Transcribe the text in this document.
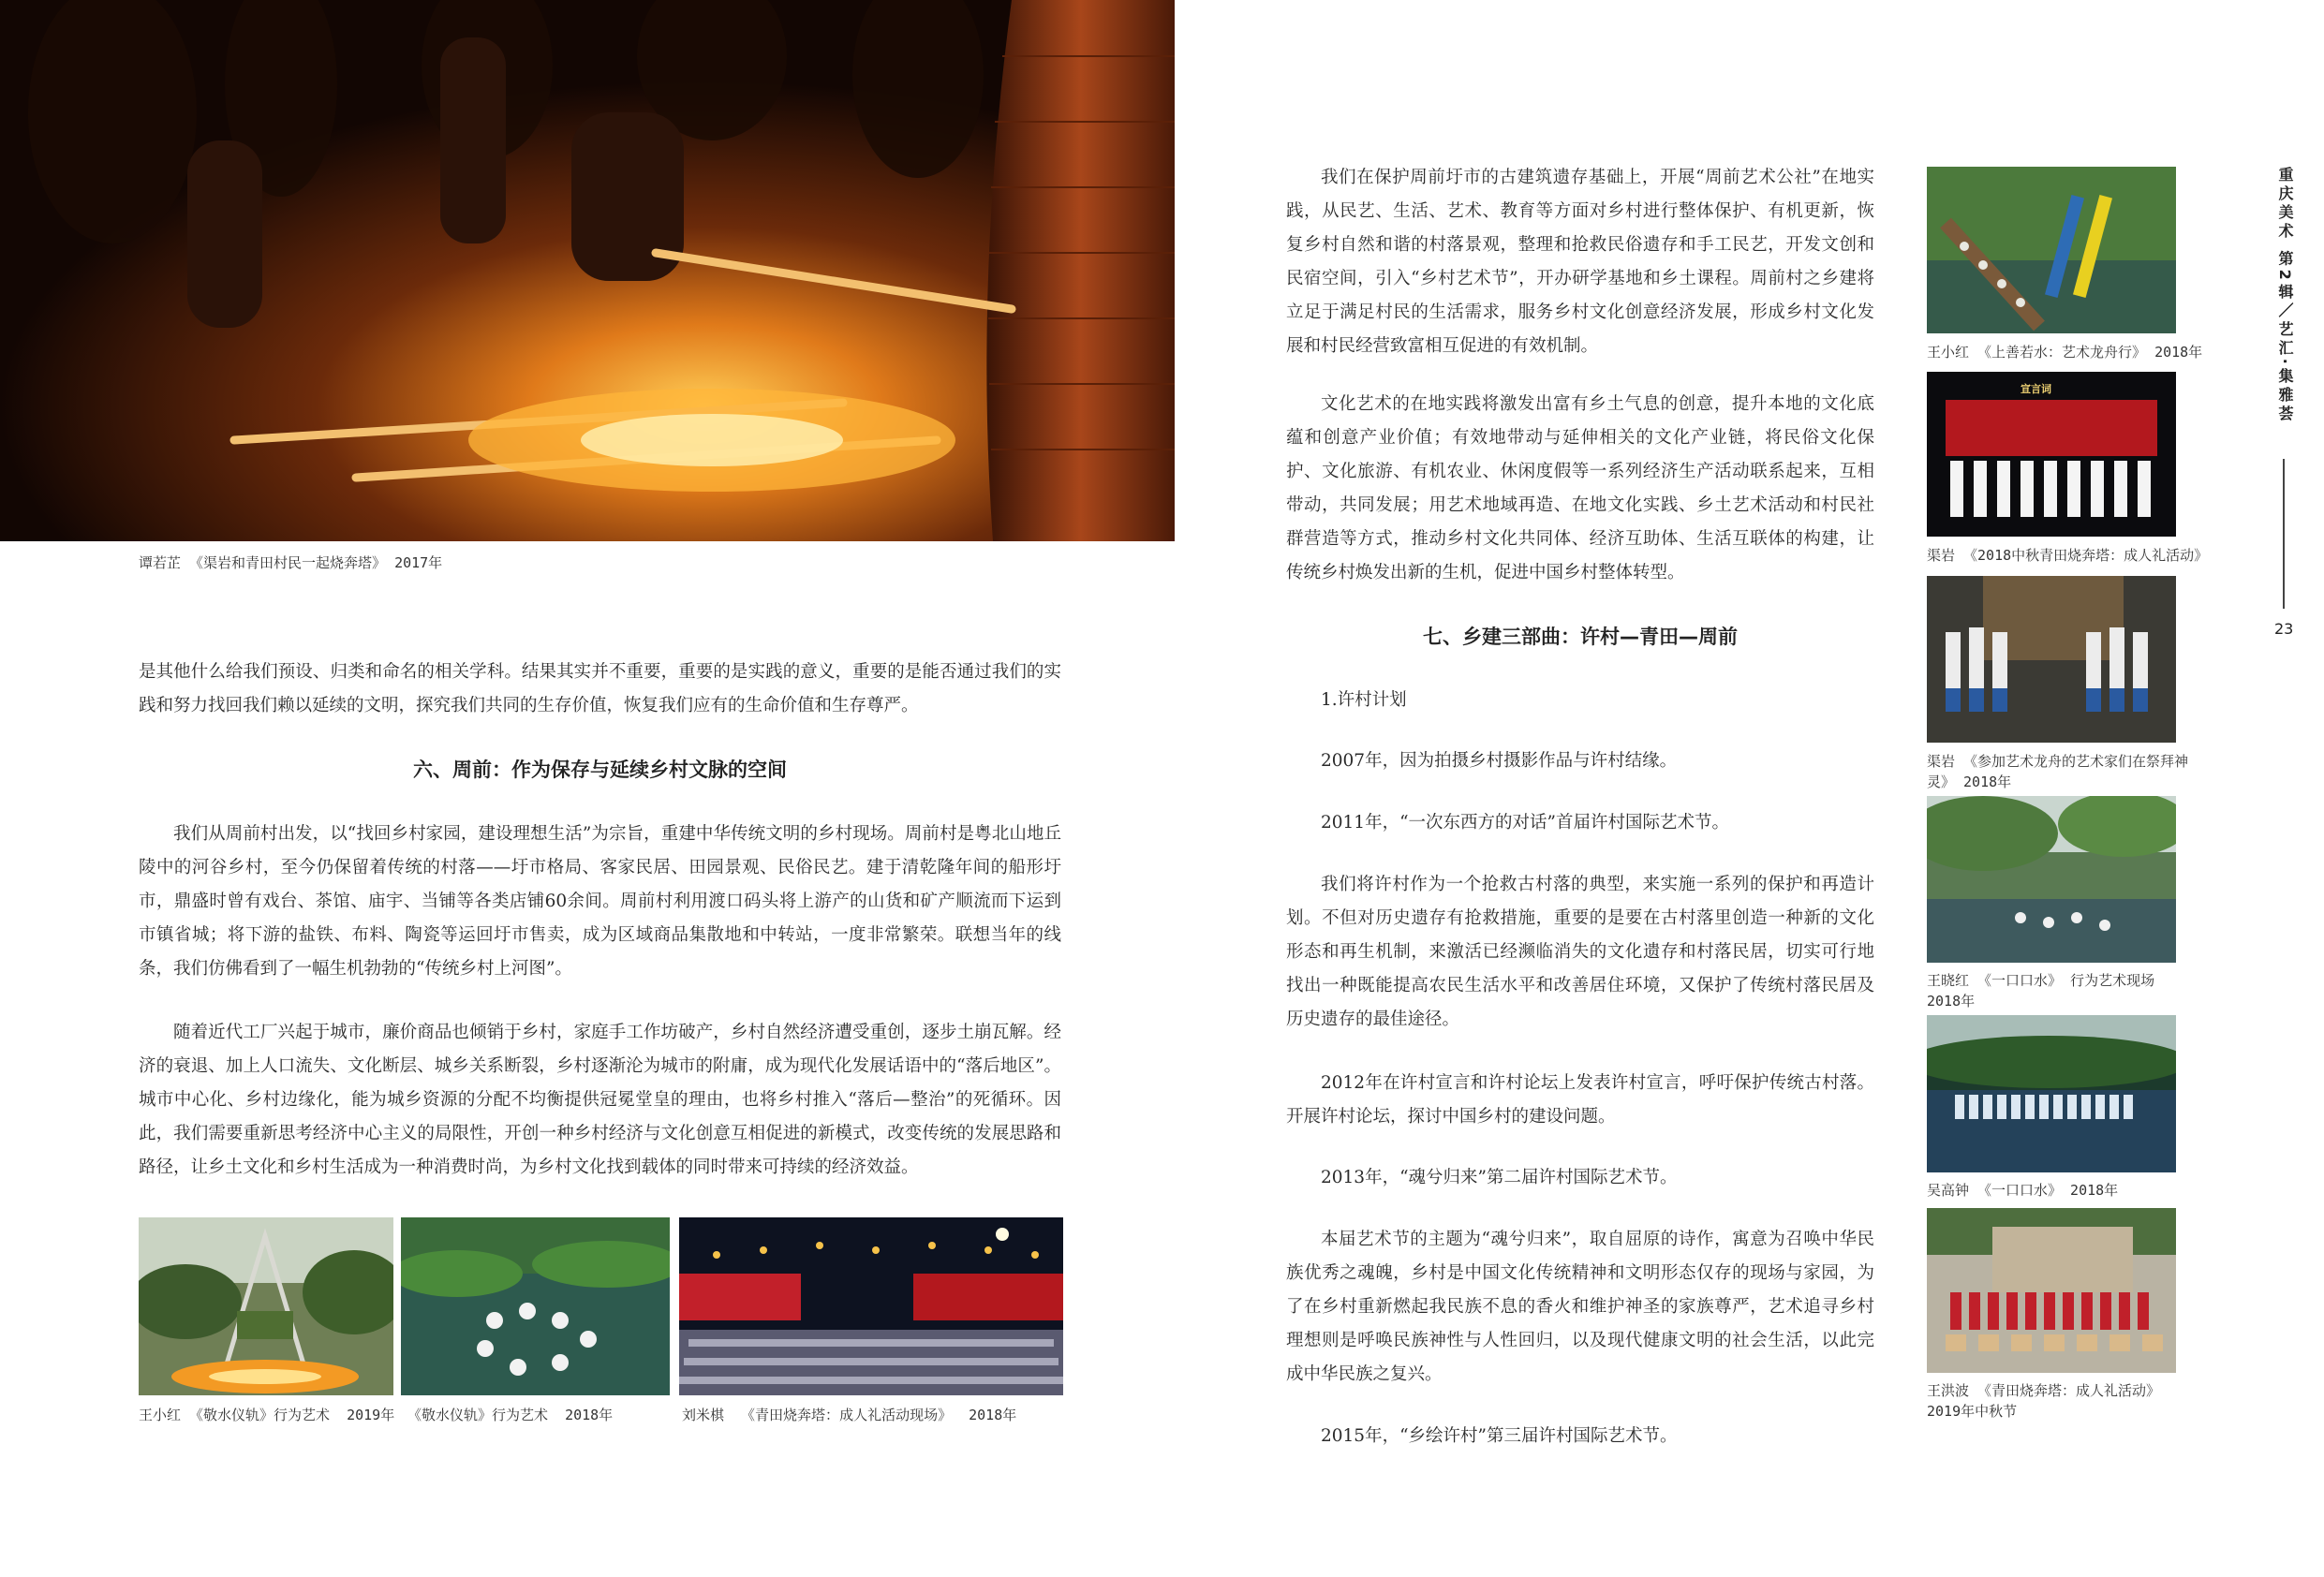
谭若芷 《渠岩和青田村民一起烧奔塔》 2017年

是其他什么给我们预设、归类和命名的相关学科。结果其实并不重要，重要的是实践的意义，重要的是能否通过我们的实践和努力找回我们赖以延续的文明，探究我们共同的生存价值，恢复我们应有的生命价值和生存尊严。

六、周前：作为保存与延续乡村文脉的空间

我们从周前村出发，以“找回乡村家园，建设理想生活”为宗旨，重建中华传统文明的乡村现场。周前村是粤北山地丘陵中的河谷乡村，至今仍保留着传统的村落——圩市格局、客家民居、田园景观、民俗民艺。建于清乾隆年间的船形圩市，鼎盛时曾有戏台、茶馆、庙宇、当铺等各类店铺60余间。周前村利用渡口码头将上游产的山货和矿产顺流而下运到市镇省城；将下游的盐铁、布料、陶瓷等运回圩市售卖，成为区域商品集散地和中转站，一度非常繁荣。联想当年的线条，我们仿佛看到了一幅生机勃勃的“传统乡村上河图”。

随着近代工厂兴起于城市，廉价商品也倾销于乡村，家庭手工作坊破产，乡村自然经济遭受重创，逐步土崩瓦解。经济的衰退、加上人口流失、文化断层、城乡关系断裂，乡村逐渐沦为城市的附庸，成为现代化发展话语中的“落后地区”。城市中心化、乡村边缘化，能为城乡资源的分配不均衡提供冠冕堂皇的理由，也将乡村推入“落后—整治”的死循环。因此，我们需要重新思考经济中心主义的局限性，开创一种乡村经济与文化创意互相促进的新模式，改变传统的发展思路和路径，让乡土文化和乡村生活成为一种消费时尚，为乡村文化找到载体的同时带来可持续的经济效益。

王小红 《敬水仪轨》行为艺术  2019年 《敬水仪轨》行为艺术  2018年	刘米棋  《青田烧奔塔：成人礼活动现场》  2018年

我们在保护周前圩市的古建筑遗存基础上，开展“周前艺术公社”在地实践，从民艺、生活、艺术、教育等方面对乡村进行整体保护、有机更新，恢复乡村自然和谐的村落景观，整理和抢救民俗遗存和手工民艺，开发文创和民宿空间，引入“乡村艺术节”，开办研学基地和乡土课程。周前村之乡建将立足于满足村民的生活需求，服务乡村文化创意经济发展，形成乡村文化发展和村民经营致富相互促进的有效机制。

文化艺术的在地实践将激发出富有乡土气息的创意，提升本地的文化底蕴和创意产业价值；有效地带动与延伸相关的文化产业链，将民俗文化保护、文化旅游、有机农业、休闲度假等一系列经济生产活动联系起来，互相带动，共同发展；用艺术地域再造、在地文化实践、乡土艺术活动和村民社群营造等方式，推动乡村文化共同体、经济互助体、生活互联体的构建，让传统乡村焕发出新的生机，促进中国乡村整体转型。

七、乡建三部曲：许村—青田—周前

1.许村计划

2007年，因为拍摄乡村摄影作品与许村结缘。

2011年，“一次东西方的对话”首届许村国际艺术节。

我们将许村作为一个抢救古村落的典型，来实施一系列的保护和再造计划。不但对历史遗存有抢救措施，重要的是要在古村落里创造一种新的文化形态和再生机制，来激活已经濒临消失的文化遗存和村落民居，切实可行地找出一种既能提高农民生活水平和改善居住环境，又保护了传统村落民居及历史遗存的最佳途径。

2012年在许村宣言和许村论坛上发表许村宣言，呼吁保护传统古村落。开展许村论坛，探讨中国乡村的建设问题。

2013年，“魂兮归来”第二届许村国际艺术节。

本届艺术节的主题为“魂兮归来”，取自屈原的诗作，寓意为召唤中华民族优秀之魂魄，乡村是中国文化传统精神和文明形态仅存的现场与家园，为了在乡村重新燃起我民族不息的香火和维护神圣的家族尊严，艺术追寻乡村理想则是呼唤民族神性与人性回归，以及现代健康文明的社会生活，以此完成中华民族之复兴。

2015年，“乡绘许村”第三届许村国际艺术节。

王小红 《上善若水：艺术龙舟行》 2018年
宣言词
渠岩 《2018中秋青田烧奔塔：成人礼活动》
渠岩 《参加艺术龙舟的艺术家们在祭拜神
灵》 2018年
王晓红 《一口口水》 行为艺术现场
2018年
吴高钟 《一口口水》 2018年
王洪波 《青田烧奔塔：成人礼活动》
2019年中秋节
重庆美术 第2辑／艺汇·集雅荟
23
